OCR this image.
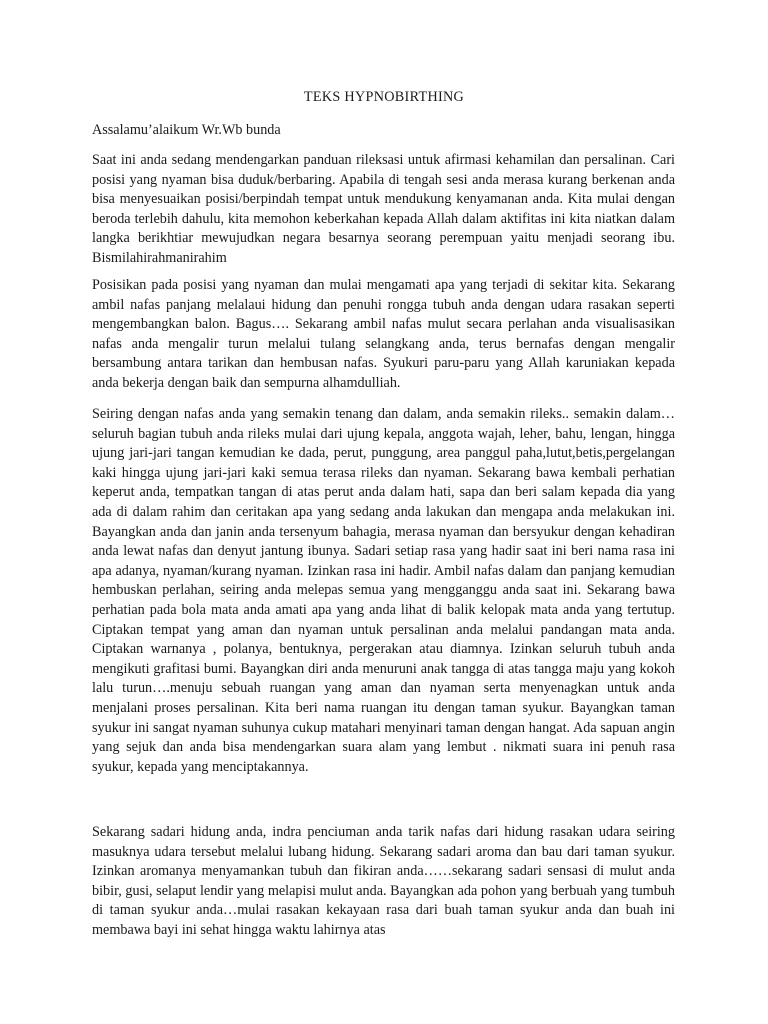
TEKS HYPNOBIRTHING
Assalamu’alaikum Wr.Wb bunda

Saat ini anda sedang mendengarkan panduan rileksasi untuk afirmasi kehamilan dan persalinan. Cari posisi yang nyaman bisa duduk/berbaring. Apabila di tengah sesi anda merasa kurang berkenan anda bisa menyesuaikan posisi/berpindah tempat untuk mendukung kenyamanan anda. Kita mulai dengan beroda terlebih dahulu, kita memohon keberkahan kepada Allah dalam aktifitas ini kita niatkan dalam langka berikhtiar mewujudkan negara besarnya seorang perempuan yaitu menjadi seorang ibu. Bismilahirahmanirahim

Posisikan pada posisi yang nyaman dan mulai mengamati apa yang terjadi di sekitar kita. Sekarang ambil nafas panjang melalaui hidung dan penuhi rongga tubuh anda dengan udara rasakan seperti mengembangkan balon. Bagus…. Sekarang ambil nafas mulut secara perlahan anda visualisasikan nafas anda mengalir turun melalui tulang selangkang anda, terus bernafas dengan mengalir bersambung antara tarikan dan hembusan nafas. Syukuri paru-paru yang Allah karuniakan kepada anda bekerja dengan baik dan sempurna alhamdulliah.

Seiring dengan nafas anda yang semakin tenang dan dalam, anda semakin rileks.. semakin dalam… seluruh bagian tubuh anda rileks mulai dari ujung kepala, anggota wajah, leher, bahu, lengan, hingga ujung jari-jari tangan kemudian ke dada, perut, punggung, area panggul paha,lutut,betis,pergelangan kaki hingga ujung jari-jari kaki semua terasa rileks dan nyaman. Sekarang bawa kembali perhatian keperut anda, tempatkan tangan di atas perut anda dalam hati, sapa dan beri salam kepada dia yang ada di dalam rahim dan ceritakan apa yang sedang anda lakukan dan mengapa anda melakukan ini. Bayangkan anda dan janin anda tersenyum bahagia, merasa nyaman dan bersyukur dengan kehadiran anda lewat nafas dan denyut jantung ibunya. Sadari setiap rasa yang hadir saat ini beri nama rasa ini apa adanya, nyaman/kurang nyaman. Izinkan rasa ini hadir. Ambil nafas dalam dan panjang kemudian hembuskan perlahan, seiring anda melepas semua yang mengganggu anda saat ini. Sekarang bawa perhatian pada bola mata anda amati apa yang anda lihat di balik kelopak mata anda yang tertutup. Ciptakan tempat yang aman dan nyaman untuk persalinan anda melalui pandangan mata anda. Ciptakan warnanya , polanya, bentuknya, pergerakan atau diamnya. Izinkan seluruh tubuh anda mengikuti grafitasi bumi. Bayangkan diri anda menuruni anak tangga di atas tangga maju yang kokoh lalu turun….menuju sebuah ruangan yang aman dan nyaman serta menyenagkan untuk anda menjalani proses persalinan. Kita beri nama ruangan itu dengan taman syukur. Bayangkan taman syukur ini sangat nyaman suhunya cukup matahari menyinari taman dengan hangat. Ada sapuan angin yang sejuk dan anda bisa mendengarkan suara alam yang lembut . nikmati suara ini penuh rasa syukur, kepada yang menciptakannya.

Sekarang sadari hidung anda, indra penciuman anda tarik nafas dari hidung rasakan udara seiring masuknya udara tersebut melalui lubang hidung. Sekarang sadari aroma dan bau dari taman syukur. Izinkan aromanya menyamankan tubuh dan fikiran anda……sekarang sadari sensasi di mulut anda bibir, gusi, selaput lendir yang melapisi mulut anda. Bayangkan ada pohon yang berbuah yang tumbuh di taman syukur anda…mulai rasakan kekayaan rasa dari buah taman syukur anda dan buah ini membawa bayi ini sehat hingga waktu lahirnya atas
